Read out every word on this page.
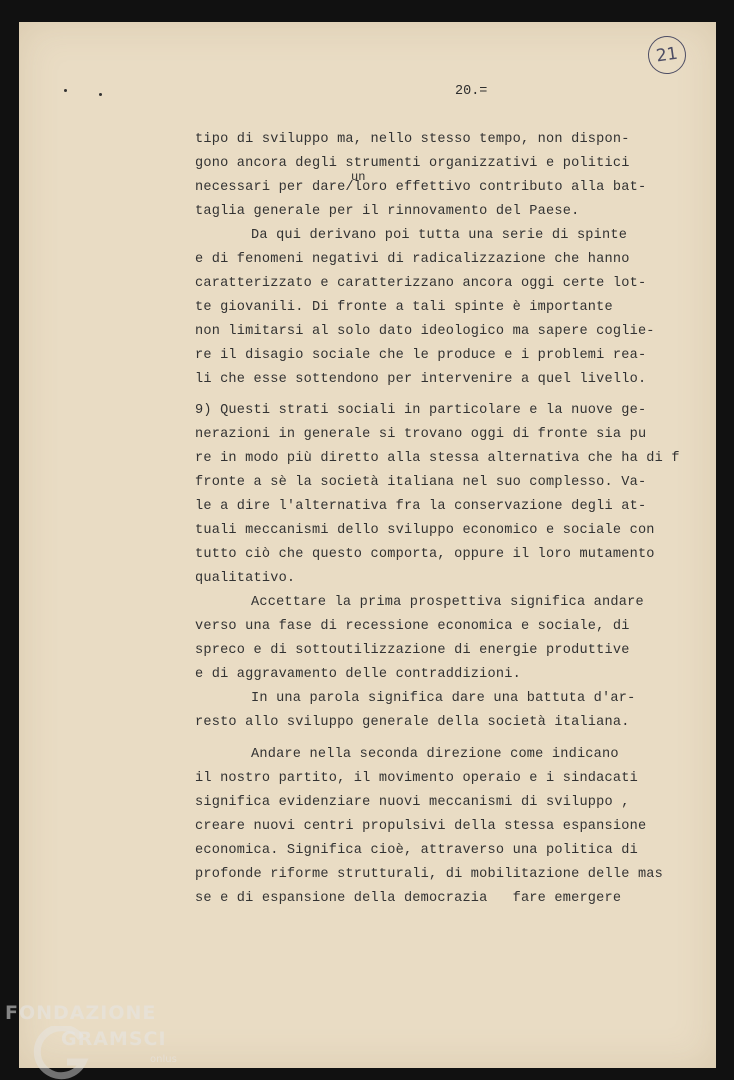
21
20.=
un
tipo di sviluppo ma, nello stesso tempo, non dispon-
gono ancora degli strumenti organizzativi e politici
necessari per dare/loro effettivo contributo alla bat-
taglia generale per il rinnovamento del Paese.
Da qui derivano poi tutta una serie di spinte
e di fenomeni negativi di radicalizzazione che hanno
caratterizzato e caratterizzano ancora oggi certe lot-
te giovanili. Di fronte a tali spinte è importante
non limitarsi al solo dato ideologico ma sapere coglie-
re il disagio sociale che le produce e i problemi rea-
li che esse sottendono per intervenire a quel livello.
9) Questi strati sociali in particolare e la nuove ge-
nerazioni in generale si trovano oggi di fronte sia pu
re in modo più diretto alla stessa alternativa che ha di f
fronte a sè la società italiana nel suo complesso. Va-
le a dire l'alternativa fra la conservazione degli at-
tuali meccanismi dello sviluppo economico e sociale con
tutto ciò che questo comporta, oppure il loro mutamento
qualitativo.
Accettare la prima prospettiva significa andare
verso una fase di recessione economica e sociale, di
spreco e di sottoutilizzazione di energie produttive
e di aggravamento delle contraddizioni.
In una parola significa dare una battuta d'ar-
resto allo sviluppo generale della società italiana.
Andare nella seconda direzione come indicano
il nostro partito, il movimento operaio e i sindacati
significa evidenziare nuovi meccanismi di sviluppo ,
creare nuovi centri propulsivi della stessa espansione
economica. Significa cioè, attraverso una politica di
profonde riforme strutturali, di mobilitazione delle mas
se e di espansione della democrazia   fare emergere
FONDAZIONE
GRAMSCI
onlus
